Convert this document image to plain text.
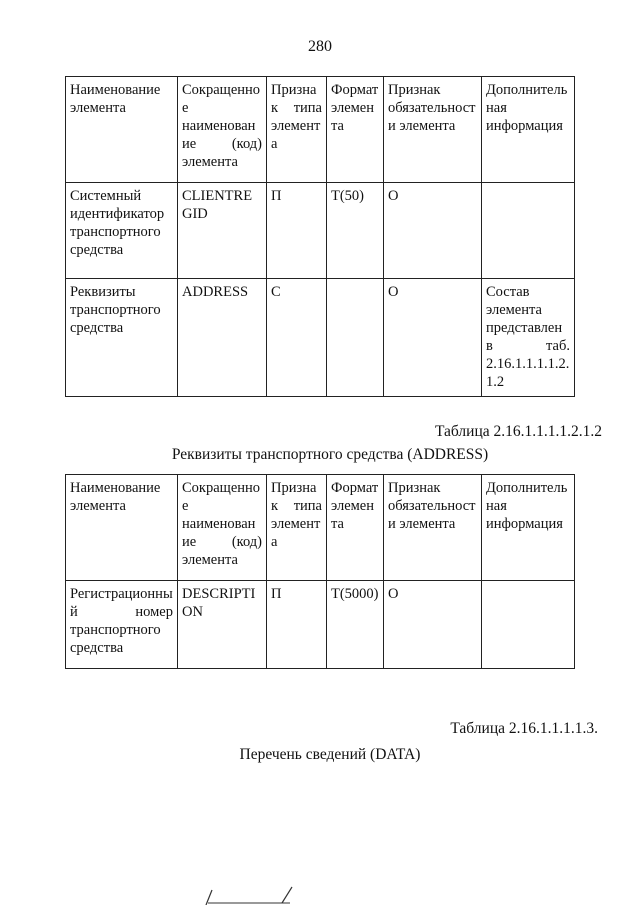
280
Наименование элемента	Сокращенное наименование (код) элемента	Признак типа элемента	Формат элемента	Признак обязательности элемента	Дополнительная информация
Системный идентификатор транспортного средства	CLIENTREGID	П	T(50)	О	
Реквизиты транспортного средства	ADDRESS	С		О	Состав элемента представлен в таб. 2.16.1.1.1.1.2.1.2
Таблица 2.16.1.1.1.1.2.1.2
Реквизиты транспортного средства (ADDRESS)
Наименование элемента	Сокращенное наименование (код) элемента	Признак типа элемента	Формат элемента	Признак обязательности элемента	Дополнительная информация
Регистрационный номер транспортного средства	DESCRIPTION	П	T(5000)	О	
Таблица 2.16.1.1.1.1.3.
Перечень сведений (DATA)
